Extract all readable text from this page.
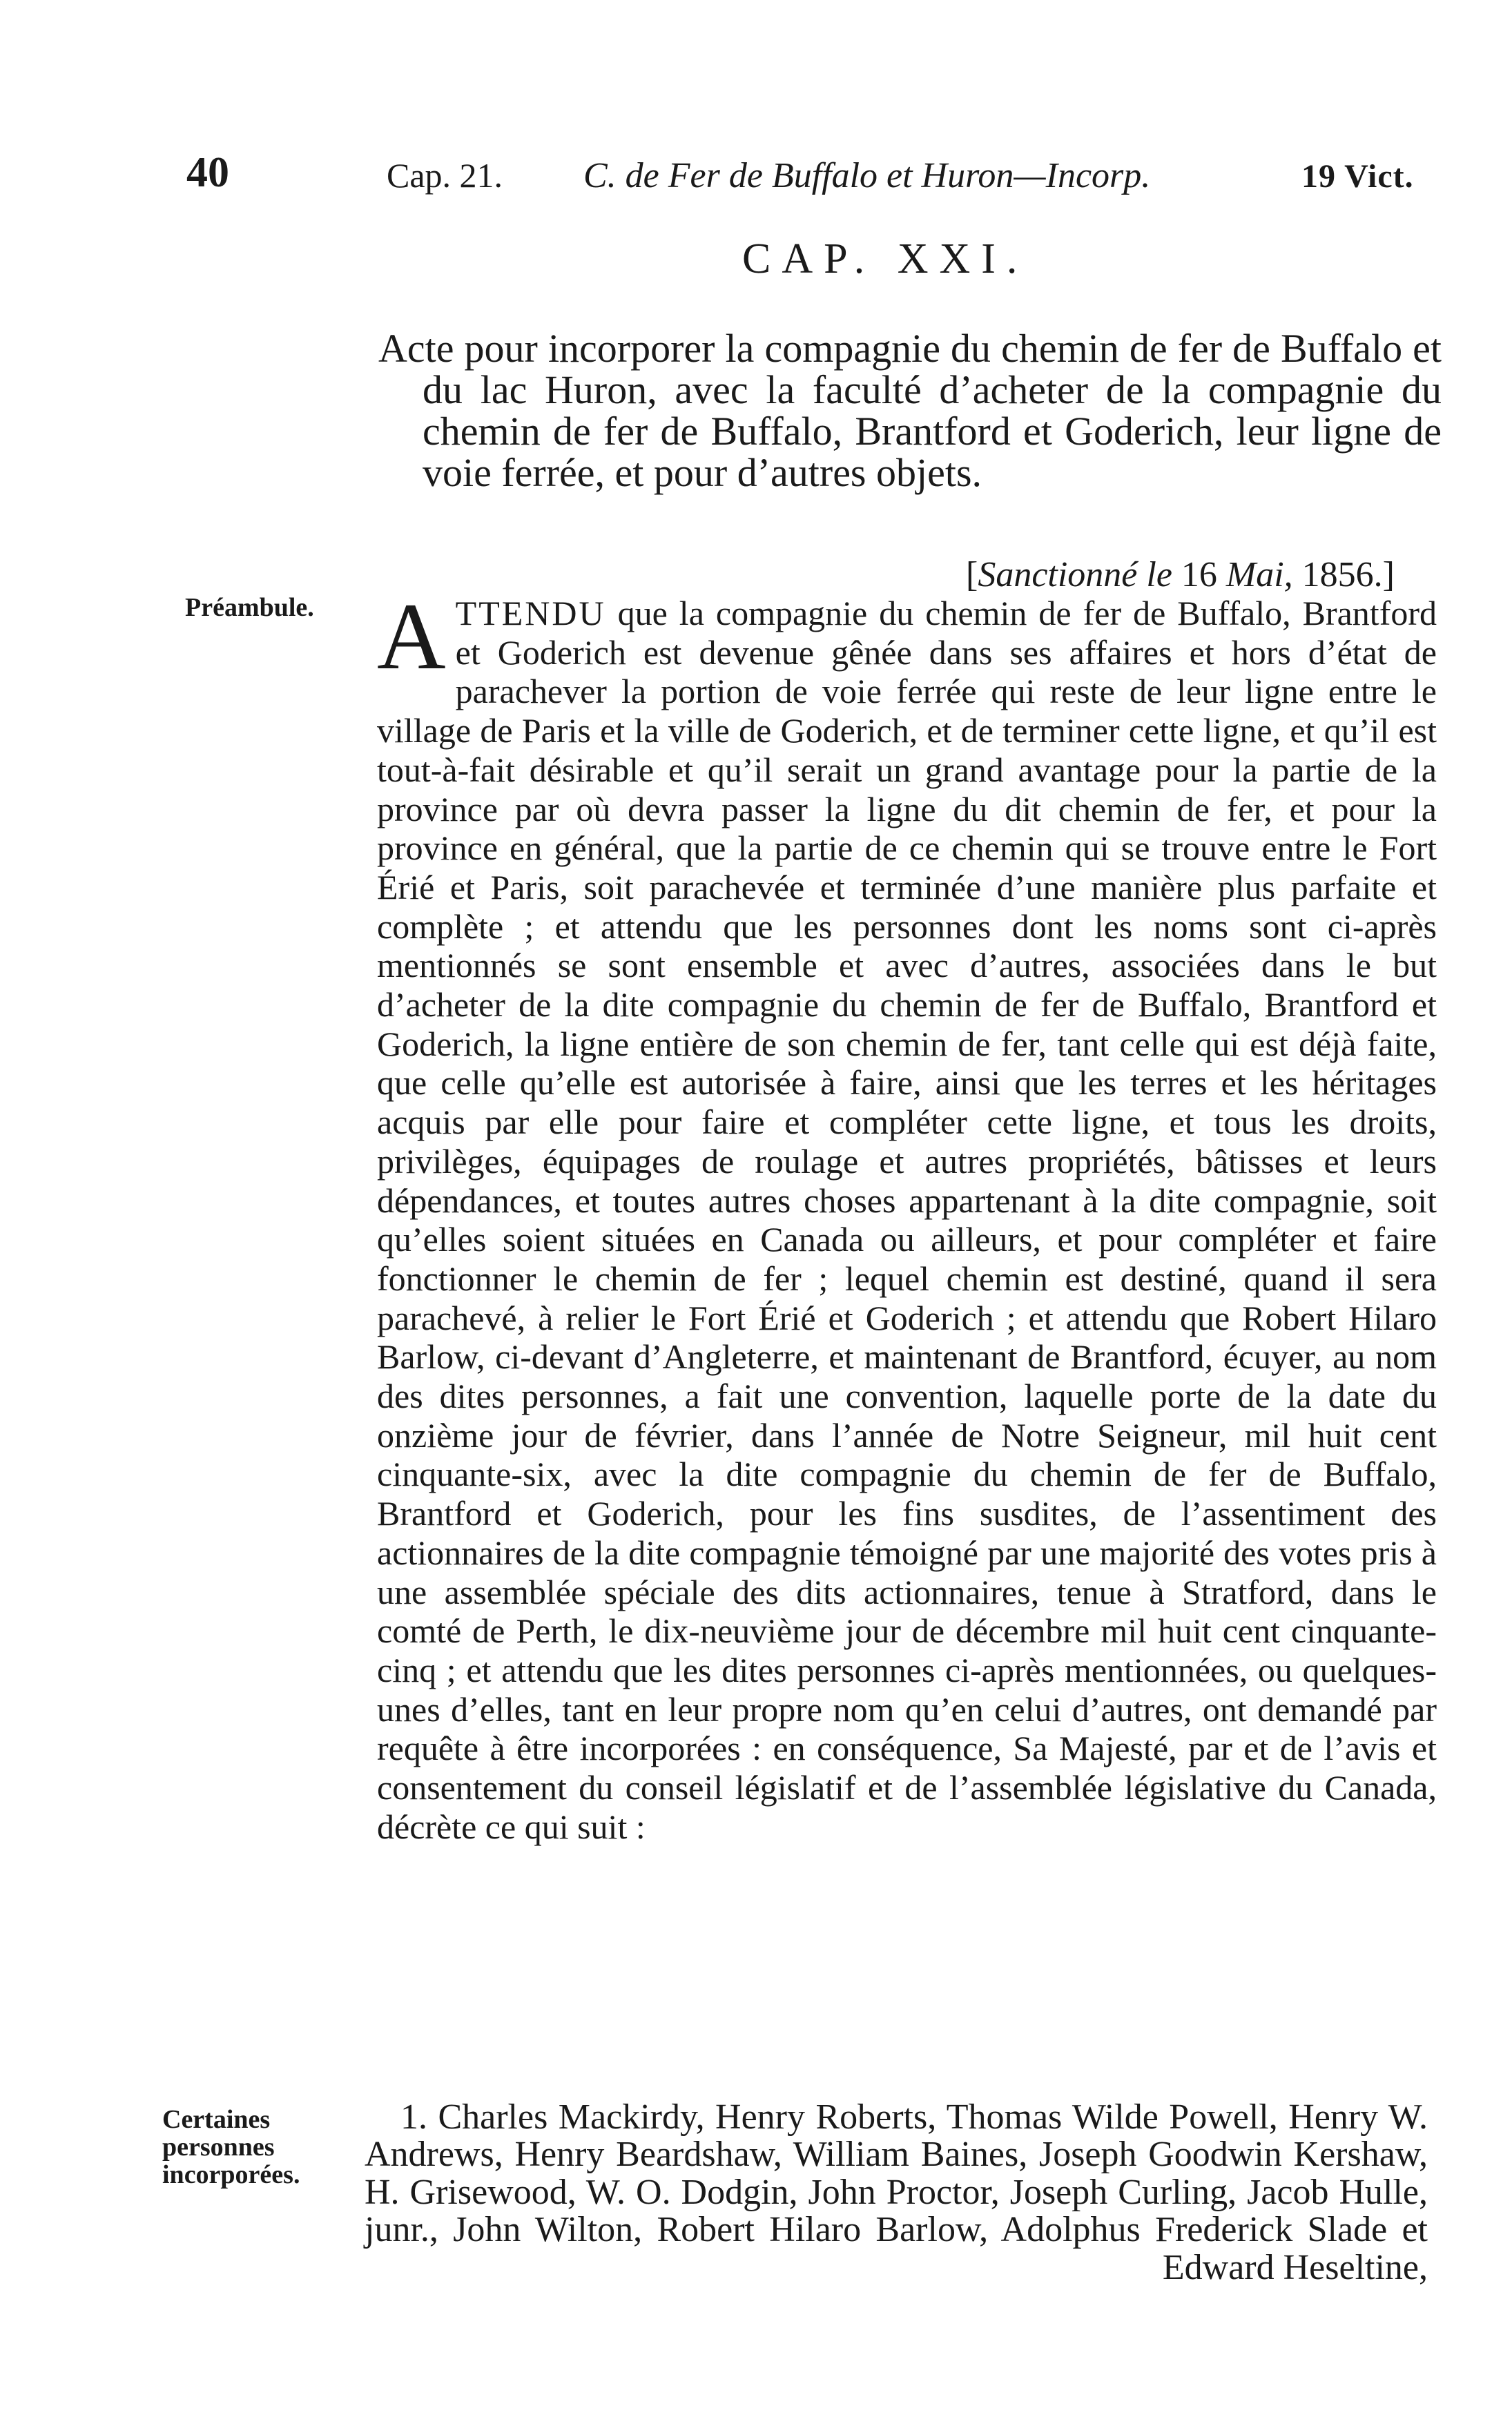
40	Cap. 21. C. de Fer de Buffalo et Huron—Incorp.	19 Vict.
CAP. XXI.
Acte pour incorporer la compagnie du chemin de fer de Buffalo et du lac Huron, avec la faculté d’acheter de la compagnie du chemin de fer de Buffalo, Brantford et Goderich, leur ligne de voie ferrée, et pour d’autres objets.
[Sanctionné le 16 Mai, 1856.]
Préambule.
Certaines personnes incorporées.
ATTENDU que la compagnie du chemin de fer de Buffalo, Brantford et Goderich est devenue gênée dans ses affaires et hors d’état de parachever la portion de voie ferrée qui reste de leur ligne entre le village de Paris et la ville de Goderich, et de terminer cette ligne, et qu’il est tout-à-fait désirable et qu’il serait un grand avantage pour la partie de la province par où devra passer la ligne du dit chemin de fer, et pour la province en général, que la partie de ce chemin qui se trouve entre le Fort Érié et Paris, soit parachevée et terminée d’une manière plus parfaite et complète ; et attendu que les personnes dont les noms sont ci-après mentionnés se sont ensemble et avec d’autres, associées dans le but d’acheter de la dite compagnie du chemin de fer de Buffalo, Brantford et Goderich, la ligne entière de son chemin de fer, tant celle qui est déjà faite, que celle qu’elle est autorisée à faire, ainsi que les terres et les héritages acquis par elle pour faire et compléter cette ligne, et tous les droits, privilèges, équipages de roulage et autres propriétés, bâtisses et leurs dépendances, et toutes autres choses appartenant à la dite compagnie, soit qu’elles soient situées en Canada ou ailleurs, et pour compléter et faire fonctionner le chemin de fer ; lequel chemin est destiné, quand il sera parachevé, à relier le Fort Érié et Goderich ; et attendu que Robert Hilaro Barlow, ci-devant d’Angleterre, et maintenant de Brantford, écuyer, au nom des dites personnes, a fait une convention, laquelle porte de la date du onzième jour de février, dans l’année de Notre Seigneur, mil huit cent cinquante-six, avec la dite compagnie du chemin de fer de Buffalo, Brantford et Goderich, pour les fins susdites, de l’assentiment des actionnaires de la dite compagnie témoigné par une majorité des votes pris à une assemblée spéciale des dits actionnaires, tenue à Stratford, dans le comté de Perth, le dix-neuvième jour de décembre mil huit cent cinquante-cinq ; et attendu que les dites personnes ci-après mentionnées, ou quelques-unes d’elles, tant en leur propre nom qu’en celui d’autres, ont demandé par requête à être incorporées : en conséquence, Sa Majesté, par et de l’avis et consentement du conseil législatif et de l’assemblée législative du Canada, décrète ce qui suit :
1. Charles Mackirdy, Henry Roberts, Thomas Wilde Powell, Henry W. Andrews, Henry Beardshaw, William Baines, Joseph Goodwin Kershaw, H. Grisewood, W. O. Dodgin, John Proctor, Joseph Curling, Jacob Hulle, junr., John Wilton, Robert Hilaro Barlow, Adolphus Frederick Slade et Edward Heseltine,
